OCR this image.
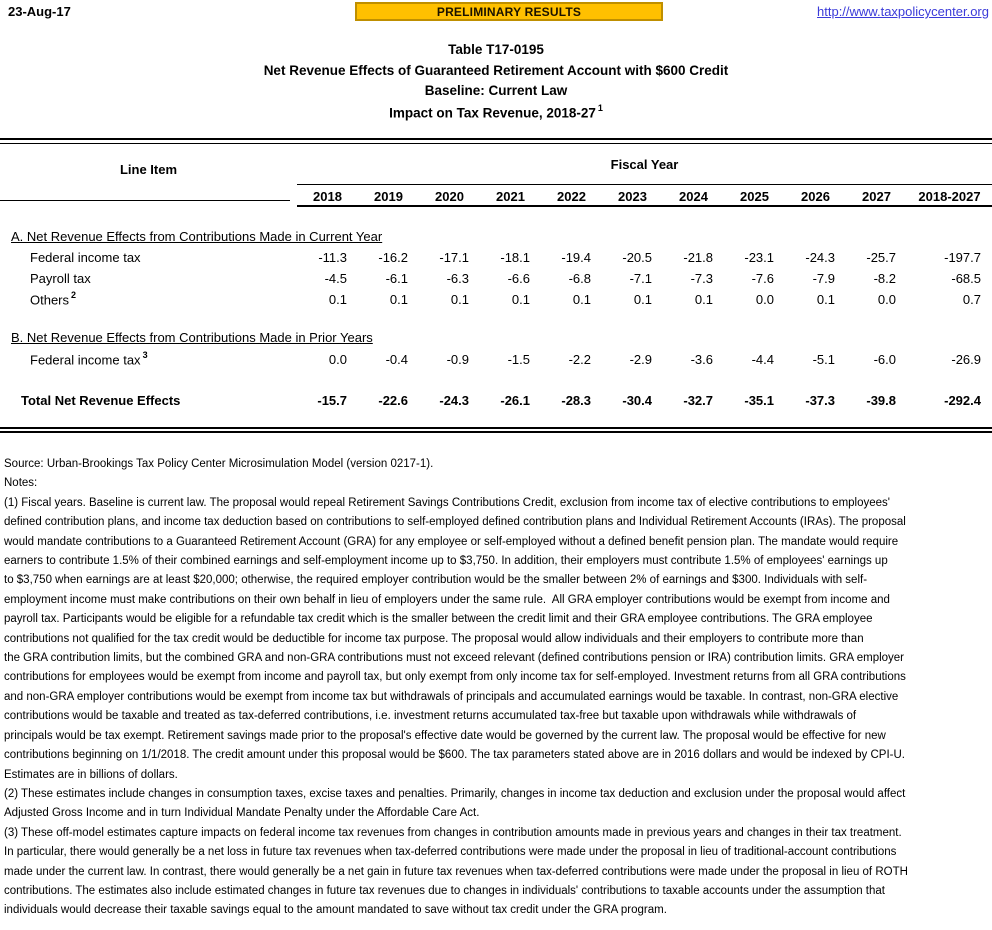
23-Aug-17	PRELIMINARY RESULTS	http://www.taxpolicycenter.org
Table T17-0195
Net Revenue Effects of Guaranteed Retirement Account with $600 Credit
Baseline: Current Law
Impact on Tax Revenue, 2018-27 $^1$
Line Item	Fiscal Year
2018	2019	2020	2021	2022	2023	2024	2025	2026	2027	2018-2027
A. Net Revenue Effects from Contributions Made in Current Year
Federal income tax	-11.3	-16.2	-17.1	-18.1	-19.4	-20.5	-21.8	-23.1	-24.3	-25.7	-197.7
Payroll tax	-4.5	-6.1	-6.3	-6.6	-6.8	-7.1	-7.3	-7.6	-7.9	-8.2	-68.5
Others $^2$	0.1	0.1	0.1	0.1	0.1	0.1	0.1	0.0	0.1	0.0	0.7
B. Net Revenue Effects from Contributions Made in Prior Years
Federal income tax $^3$	0.0	-0.4	-0.9	-1.5	-2.2	-2.9	-3.6	-4.4	-5.1	-6.0	-26.9
Total Net Revenue Effects	-15.7	-22.6	-24.3	-26.1	-28.3	-30.4	-32.7	-35.1	-37.3	-39.8	-292.4
Source: Urban-Brookings Tax Policy Center Microsimulation Model (version 0217-1).
Notes:
(1) Fiscal years. Baseline is current law. The proposal would repeal Retirement Savings Contributions Credit, exclusion from income tax of elective contributions to employees'
defined contribution plans, and income tax deduction based on contributions to self-employed defined contribution plans and Individual Retirement Accounts (IRAs). The proposal
would mandate contributions to a Guaranteed Retirement Account (GRA) for any employee or self-employed without a defined benefit pension plan. The mandate would require
earners to contribute 1.5% of their combined earnings and self-employment income up to $3,750. In addition, their employers must contribute 1.5% of employees' earnings up
to $3,750 when earnings are at least $20,000; otherwise, the required employer contribution would be the smaller between 2% of earnings and $300. Individuals with self-
employment income must make contributions on their own behalf in lieu of employers under the same rule.  All GRA employer contributions would be exempt from income and
payroll tax. Participants would be eligible for a refundable tax credit which is the smaller between the credit limit and their GRA employee contributions. The GRA employee
contributions not qualified for the tax credit would be deductible for income tax purpose. The proposal would allow individuals and their employers to contribute more than
the GRA contribution limits, but the combined GRA and non-GRA contributions must not exceed relevant (defined contributions pension or IRA) contribution limits. GRA employer
contributions for employees would be exempt from income and payroll tax, but only exempt from only income tax for self-employed. Investment returns from all GRA contributions
and non-GRA employer contributions would be exempt from income tax but withdrawals of principals and accumulated earnings would be taxable. In contrast, non-GRA elective
contributions would be taxable and treated as tax-deferred contributions, i.e. investment returns accumulated tax-free but taxable upon withdrawals while withdrawals of
principals would be tax exempt. Retirement savings made prior to the proposal's effective date would be governed by the current law. The proposal would be effective for new
contributions beginning on 1/1/2018. The credit amount under this proposal would be $600. The tax parameters stated above are in 2016 dollars and would be indexed by CPI-U.
Estimates are in billions of dollars.
(2) These estimates include changes in consumption taxes, excise taxes and penalties. Primarily, changes in income tax deduction and exclusion under the proposal would affect
Adjusted Gross Income and in turn Individual Mandate Penalty under the Affordable Care Act.
(3) These off-model estimates capture impacts on federal income tax revenues from changes in contribution amounts made in previous years and changes in their tax treatment.
In particular, there would generally be a net loss in future tax revenues when tax-deferred contributions were made under the proposal in lieu of traditional-account contributions
made under the current law. In contrast, there would generally be a net gain in future tax revenues when tax-deferred contributions were made under the proposal in lieu of ROTH
contributions. The estimates also include estimated changes in future tax revenues due to changes in individuals' contributions to taxable accounts under the assumption that
individuals would decrease their taxable savings equal to the amount mandated to save without tax credit under the GRA program.
